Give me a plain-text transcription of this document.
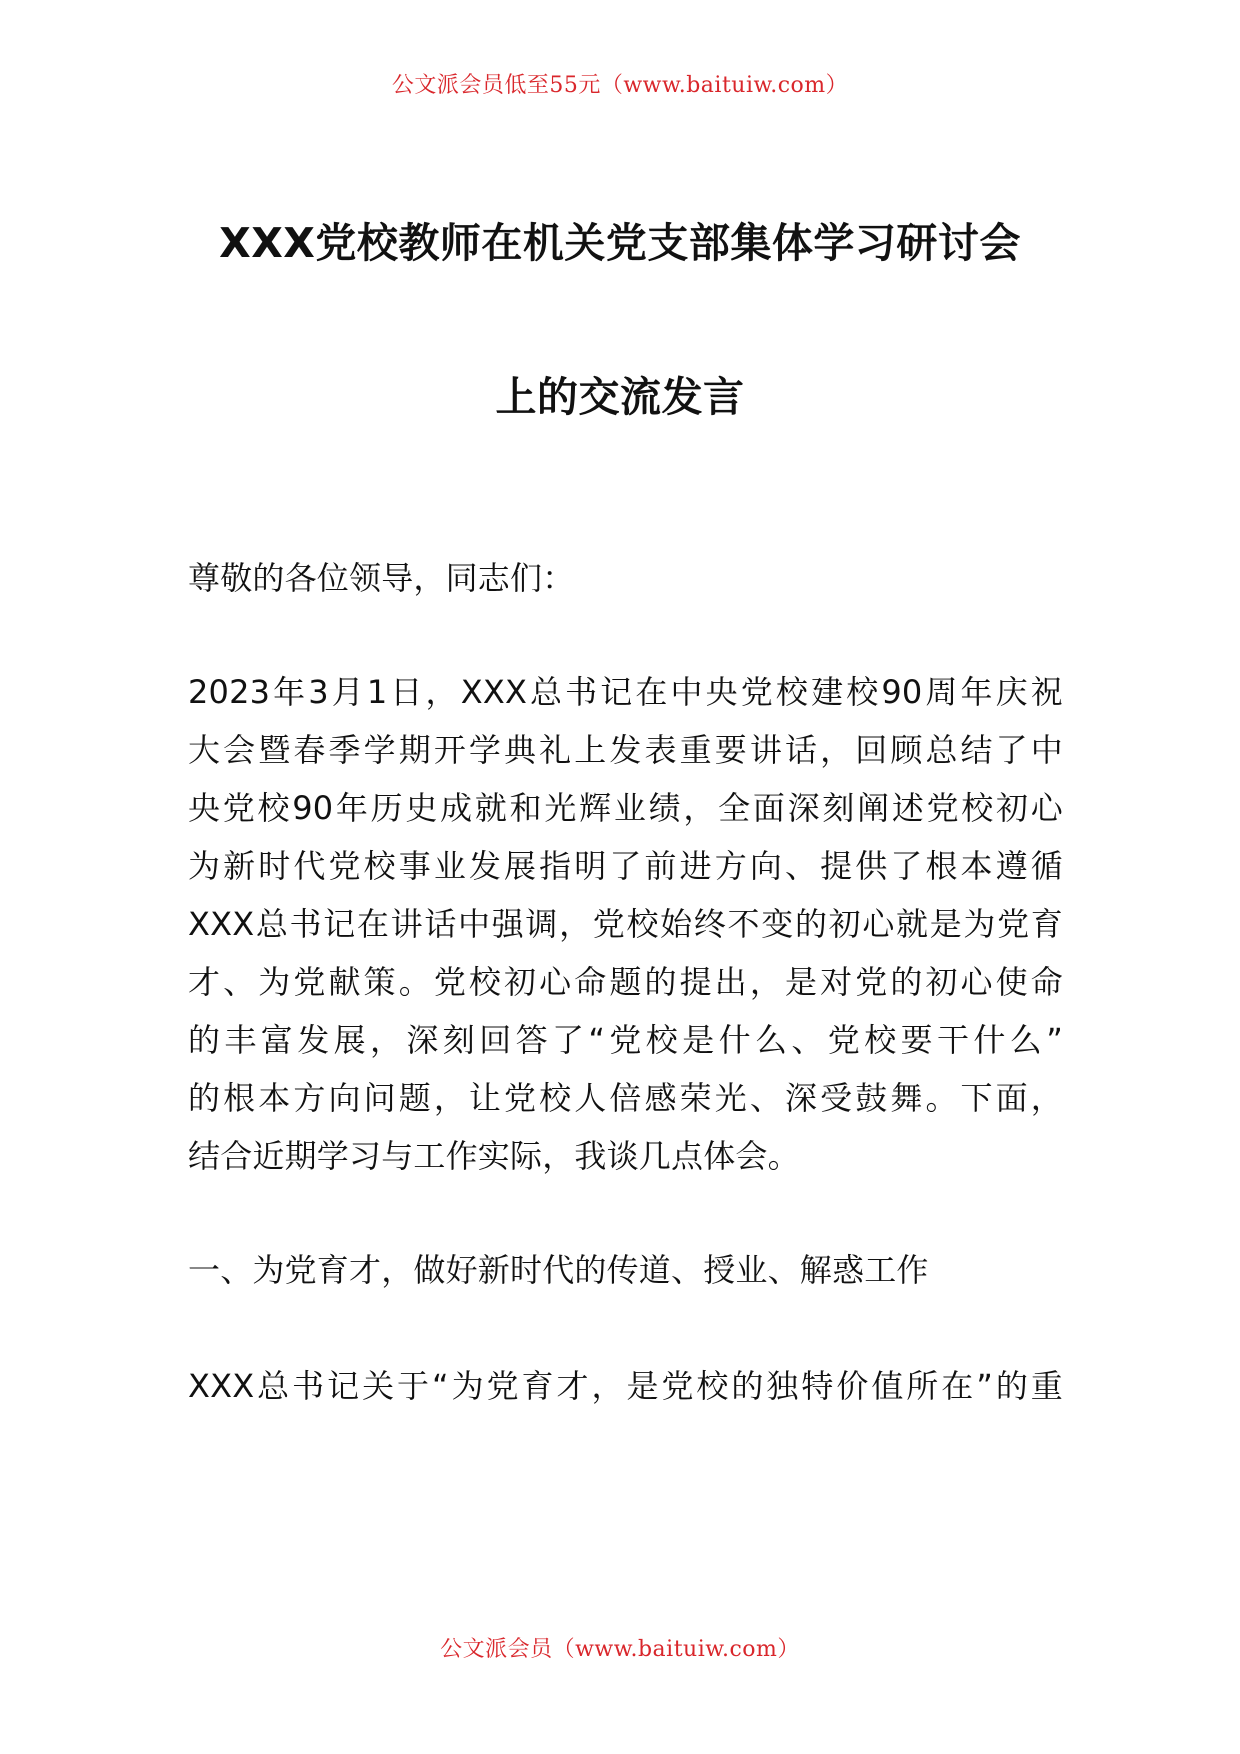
公文派会员低至55元（www.baituiw.com）
XXX党校教师在机关党支部集体学习研讨会
上的交流发言
尊敬的各位领导，同志们：
2023年3月1日，XXX总书记在中央党校建校90周年庆祝
大会暨春季学期开学典礼上发表重要讲话，回顾总结了中
央党校90年历史成就和光辉业绩，全面深刻阐述党校初心
为新时代党校事业发展指明了前进方向、提供了根本遵循
XXX总书记在讲话中强调，党校始终不变的初心就是为党育
才、为党献策。党校初心命题的提出，是对党的初心使命
的丰富发展，深刻回答了“党校是什么、党校要干什么”
的根本方向问题，让党校人倍感荣光、深受鼓舞。下面，
结合近期学习与工作实际，我谈几点体会。
一、为党育才，做好新时代的传道、授业、解惑工作
XXX总书记关于“为党育才，是党校的独特价值所在”的重
公文派会员（www.baituiw.com）
